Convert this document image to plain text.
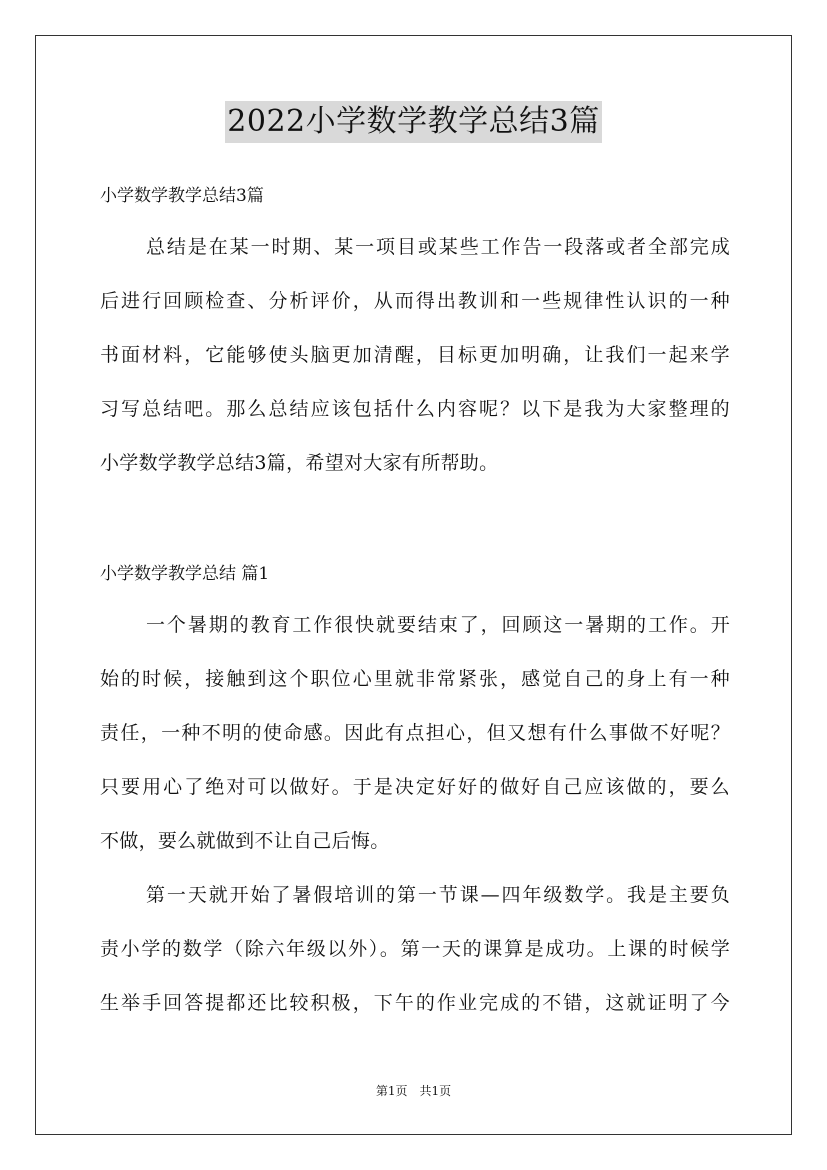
2022小学数学教学总结3篇
小学数学教学总结3篇
总结是在某一时期、某一项目或某些工作告一段落或者全部完成
后进行回顾检查、分析评价，从而得出教训和一些规律性认识的一种
书面材料，它能够使头脑更加清醒，目标更加明确，让我们一起来学
习写总结吧。那么总结应该包括什么内容呢？以下是我为大家整理的
小学数学教学总结3篇，希望对大家有所帮助。
小学数学教学总结 篇1
一个暑期的教育工作很快就要结束了，回顾这一暑期的工作。开
始的时候，接触到这个职位心里就非常紧张，感觉自己的身上有一种
责任，一种不明的使命感。因此有点担心，但又想有什么事做不好呢？
只要用心了绝对可以做好。于是决定好好的做好自己应该做的，要么
不做，要么就做到不让自己后悔。
第一天就开始了暑假培训的第一节课—四年级数学。我是主要负
责小学的数学（除六年级以外）。第一天的课算是成功。上课的时候学
生举手回答提都还比较积极，下午的作业完成的不错，这就证明了今
第1页　共1页
